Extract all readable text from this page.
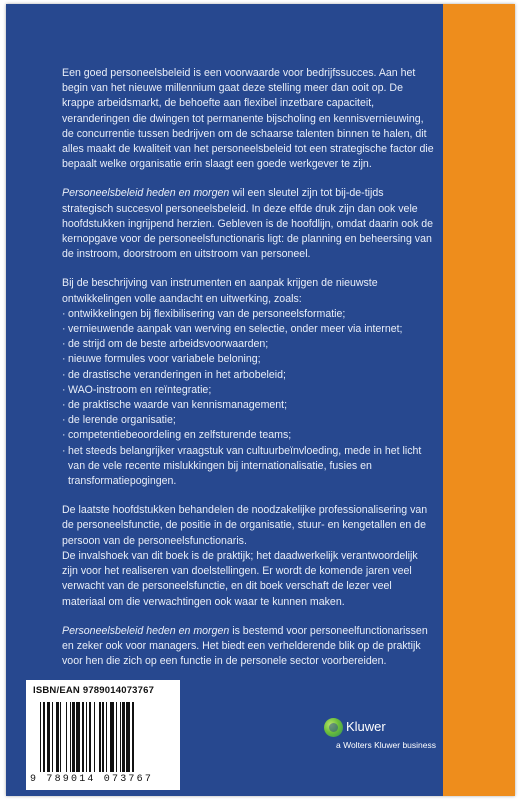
Een goed personeelsbeleid is een voorwaarde voor bedrijfssucces. Aan het begin van het nieuwe millennium gaat deze stelling meer dan ooit op. De krappe arbeidsmarkt, de behoefte aan flexibel inzetbare capaciteit, veranderingen die dwingen tot permanente bijscholing en kennisvernieuwing, de concurrentie tussen bedrijven om de schaarse talenten binnen te halen, dit alles maakt de kwaliteit van het personeelsbeleid tot een strategische factor die bepaalt welke organisatie erin slaagt een goede werkgever te zijn.

Personeelsbeleid heden en morgen wil een sleutel zijn tot bij-de-tijds strategisch succesvol personeelsbeleid. In deze elfde druk zijn dan ook vele hoofdstukken ingrijpend herzien. Gebleven is de hoofdlijn, omdat daarin ook de kernopgave voor de personeelsfunctionaris ligt: de planning en beheersing van de instroom, doorstroom en uitstroom van personeel.

Bij de beschrijving van instrumenten en aanpak krijgen de nieuwste ontwikkelingen volle aandacht en uitwerking, zoals:

· ontwikkelingen bij flexibilisering van de personeelsformatie;
· vernieuwende aanpak van werving en selectie, onder meer via internet;
· de strijd om de beste arbeidsvoorwaarden;
· nieuwe formules voor variabele beloning;
· de drastische veranderingen in het arbobeleid;
· WAO-instroom en reïntegratie;
· de praktische waarde van kennismanagement;
· de lerende organisatie;
· competentiebeoordeling en zelfsturende teams;
· het steeds belangrijker vraagstuk van cultuurbeïnvloeding, mede in het licht van de vele recente mislukkingen bij internationalisatie, fusies en transformatiepogingen.

De laatste hoofdstukken behandelen de noodzakelijke professionalisering van de personeelsfunctie, de positie in de organisatie, stuur- en kengetallen en de persoon van de personeelsfunctionaris.

De invalshoek van dit boek is de praktijk; het daadwerkelijk verantwoordelijk zijn voor het realiseren van doelstellingen. Er wordt de komende jaren veel verwacht van de personeelsfunctie, en dit boek verschaft de lezer veel materiaal om die verwachtingen ook waar te kunnen maken.

Personeelsbeleid heden en morgen is bestemd voor personeelfunctionarissen en zeker ook voor managers. Het biedt een verhelderende blik op de praktijk voor hen die zich op een functie in de personele sector voorbereiden.

ISBN/EAN 9789014073767
9 789014 073767
Kluwer
a Wolters Kluwer business
